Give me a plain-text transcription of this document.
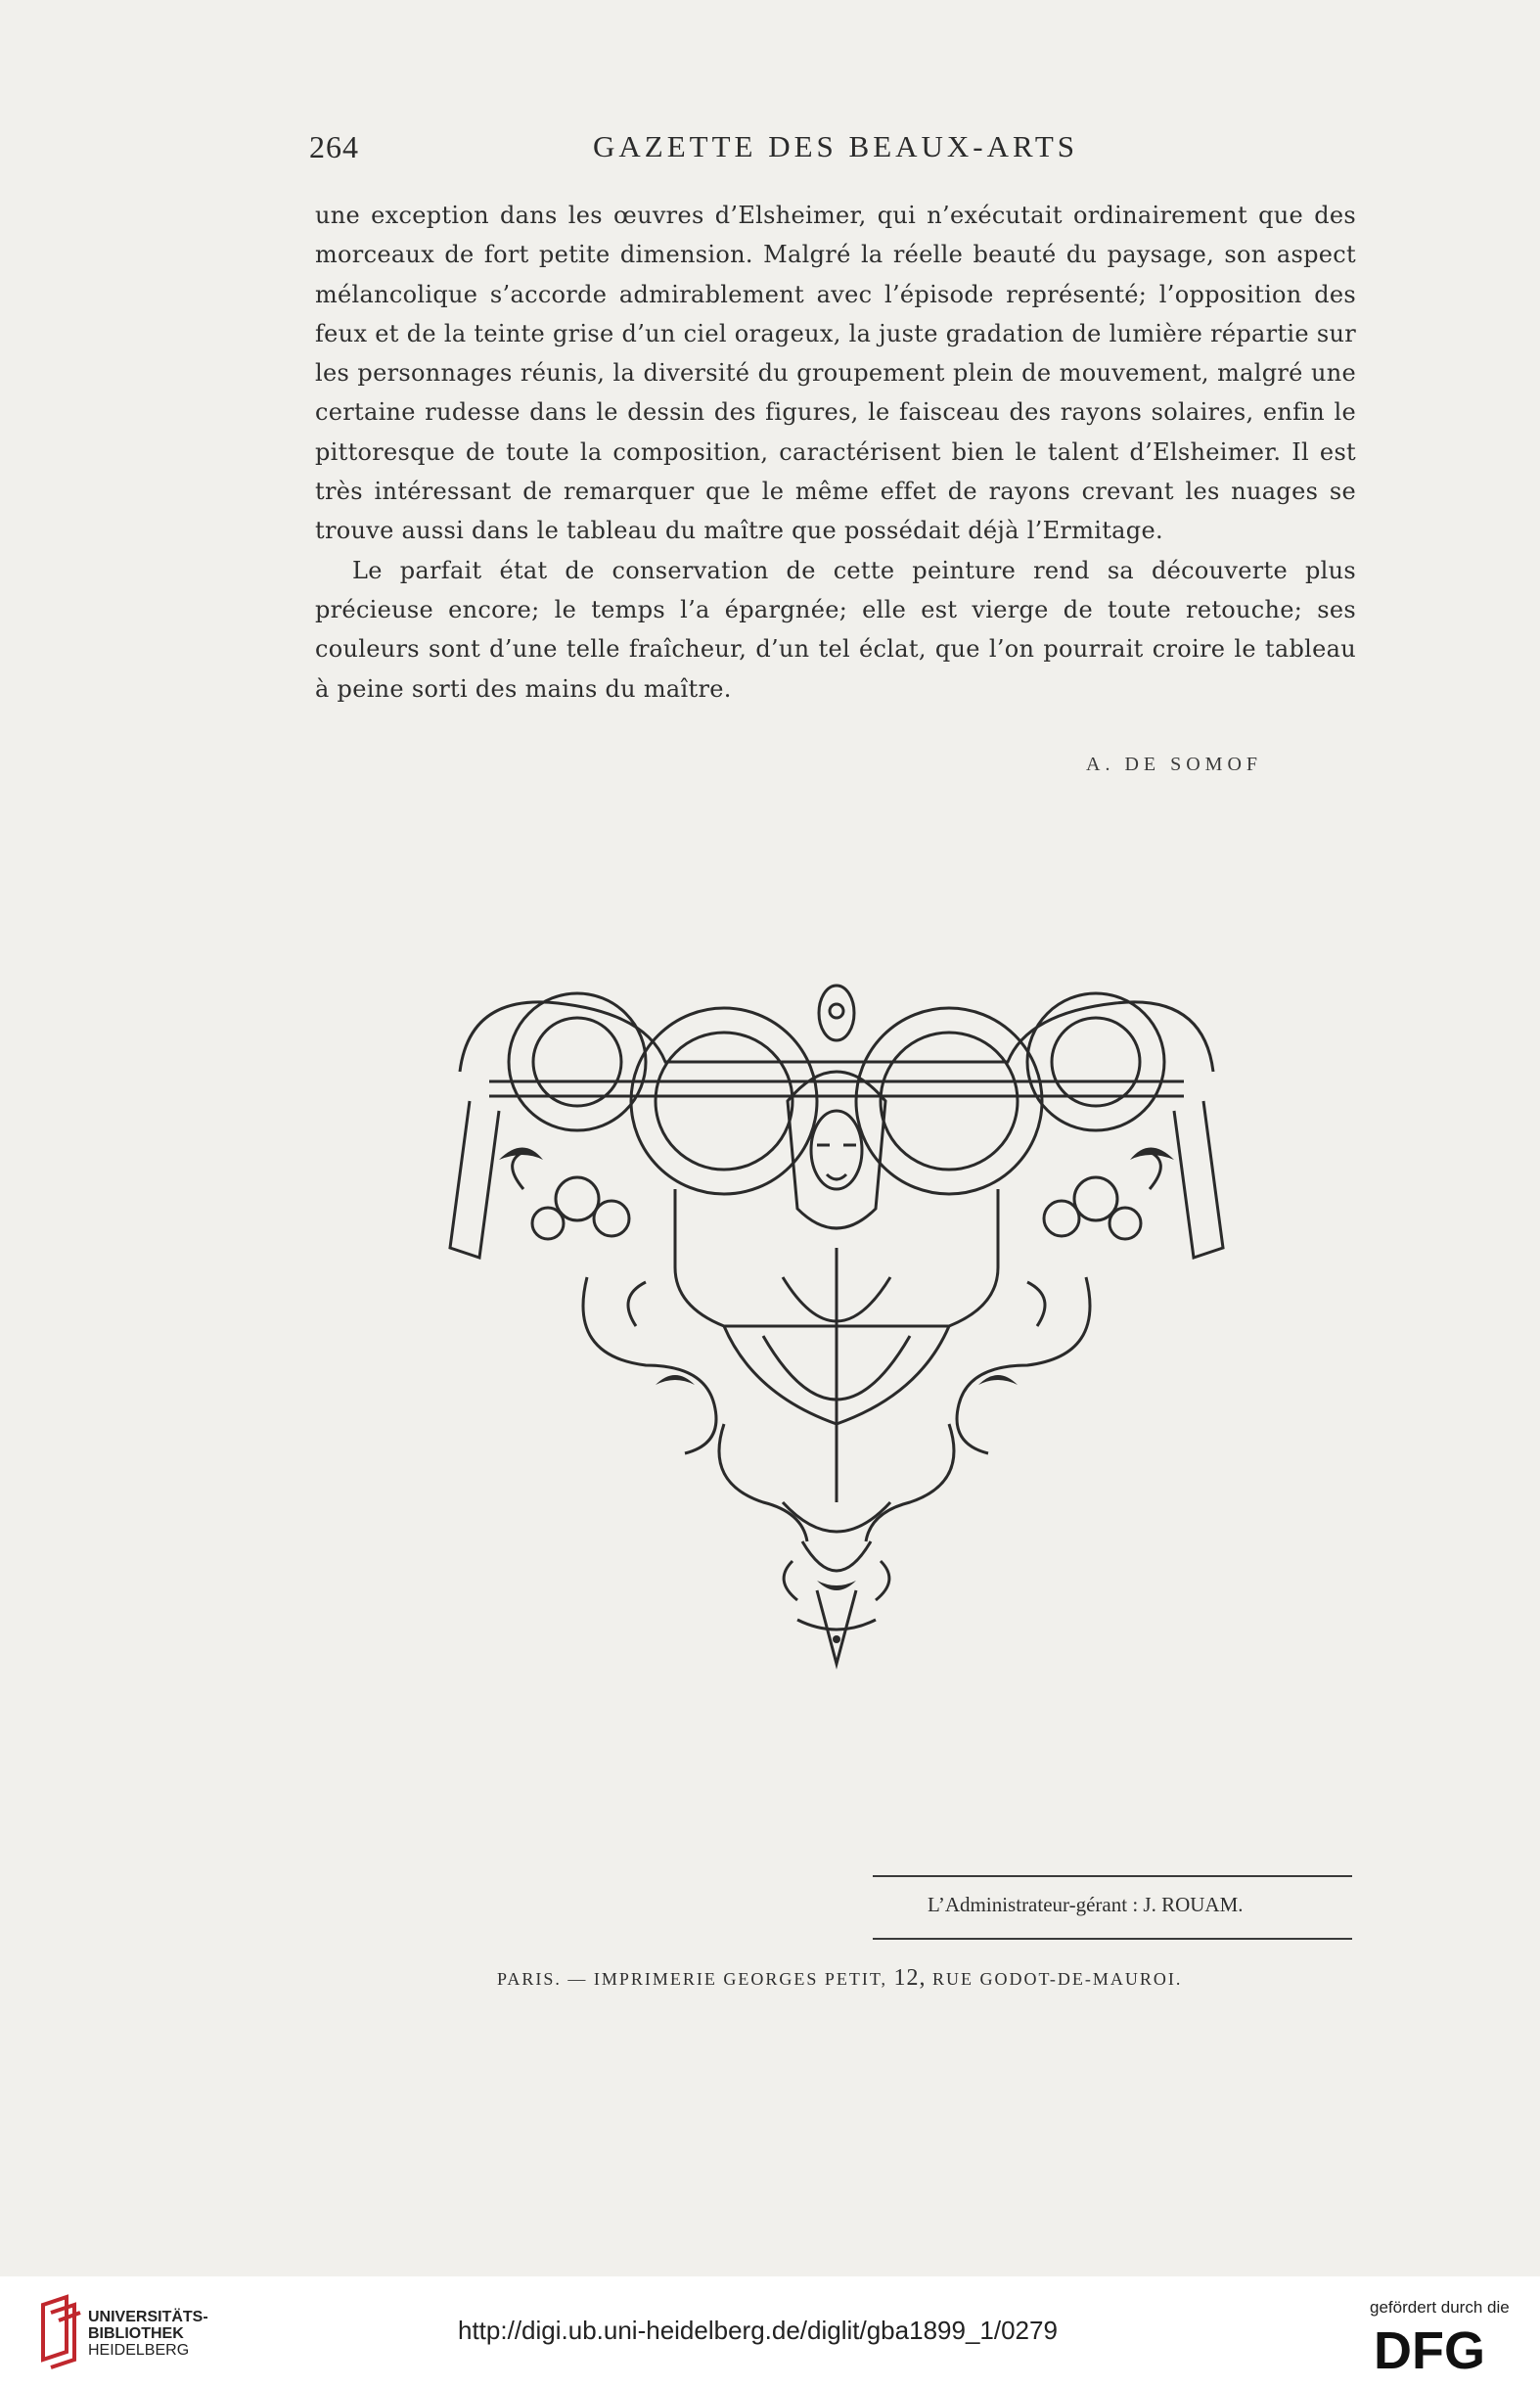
264	GAZETTE DES BEAUX-ARTS

une exception dans les œuvres d’Elsheimer, qui n’exécutait ordinairement que des morceaux de fort petite dimension. Malgré la réelle beauté du paysage, son aspect mélancolique s’accorde admirablement avec l’épisode représenté; l’opposition des feux et de la teinte grise d’un ciel orageux, la juste gradation de lumière répartie sur les personnages réunis, la diversité du groupement plein de mouvement, malgré une certaine rudesse dans le dessin des figures, le faisceau des rayons solaires, enfin le pittoresque de toute la composition, caractérisent bien le talent d’Elsheimer. Il est très intéressant de remarquer que le même effet de rayons crevant les nuages se trouve aussi dans le tableau du maître que possédait déjà l’Ermitage.

Le parfait état de conservation de cette peinture rend sa découverte plus précieuse encore; le temps l’a épargnée; elle est vierge de toute retouche; ses couleurs sont d’une telle fraîcheur, d’un tel éclat, que l’on pourrait croire le tableau à peine sorti des mains du maître.

A. DE SOMOF
L’Administrateur-gérant : J. ROUAM.
PARIS. — IMPRIMERIE GEORGES PETIT, 12, RUE GODOT-DE-MAUROI.
UNIVERSITÄTS-
BIBLIOTHEK
HEIDELBERG
http://digi.ub.uni-heidelberg.de/diglit/gba1899_1/0279
gefördert durch die
DFG
